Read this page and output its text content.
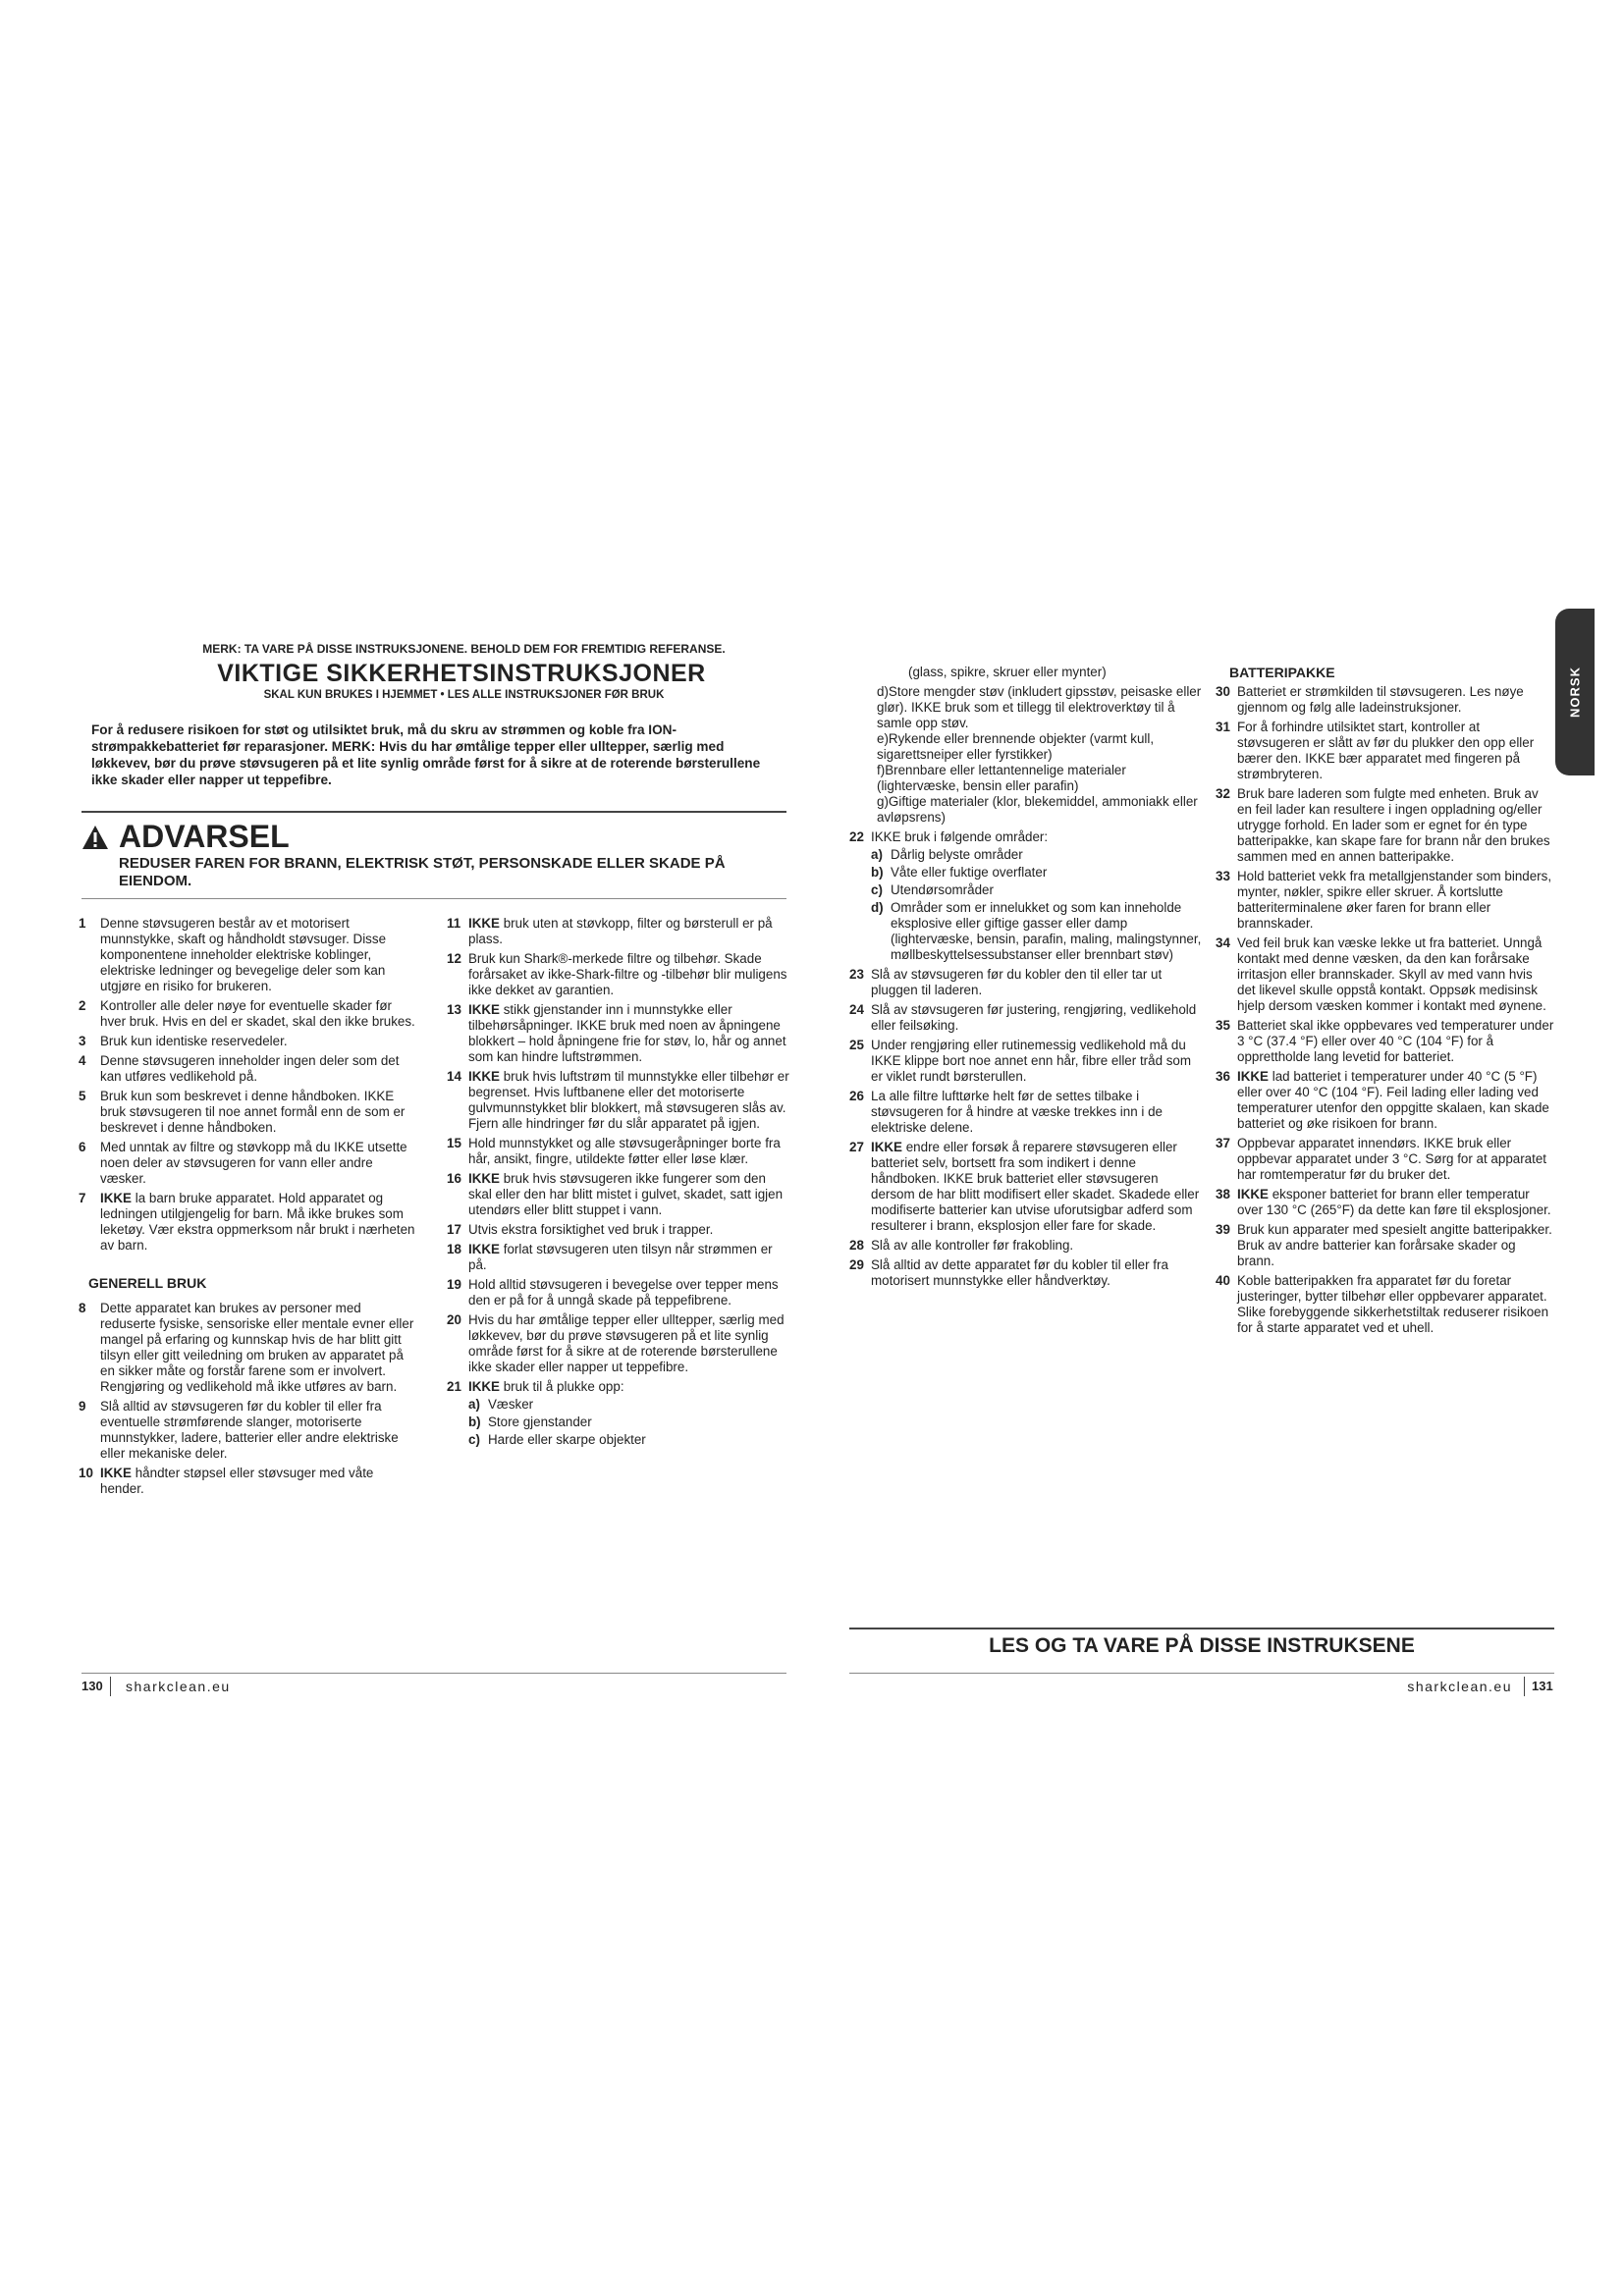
MERK: TA VARE PÅ DISSE INSTRUKSJONENE. BEHOLD DEM FOR FREMTIDIG REFERANSE.
VIKTIGE SIKKERHETSINSTRUKSJONER
SKAL KUN BRUKES I HJEMMET • LES ALLE INSTRUKSJONER FØR BRUK
For å redusere risikoen for støt og utilsiktet bruk, må du skru av strømmen og koble fra ION-strømpakkebatteriet før reparasjoner. MERK: Hvis du har ømtålige tepper eller ulltepper, særlig med løkkevev, bør du prøve støvsugeren på et lite synlig område først for å sikre at de roterende børsterullene ikke skader eller napper ut teppefibre.
ADVARSEL
REDUSER FAREN FOR BRANN, ELEKTRISK STØT, PERSONSKADE ELLER SKADE PÅ EIENDOM.
1 Denne støvsugeren består av et motorisert munnstykke, skaft og håndholdt støvsuger. Disse komponentene inneholder elektriske koblinger, elektriske ledninger og bevegelige deler som kan utgjøre en risiko for brukeren.
2 Kontroller alle deler nøye for eventuelle skader før hver bruk. Hvis en del er skadet, skal den ikke brukes.
3 Bruk kun identiske reservedeler.
4 Denne støvsugeren inneholder ingen deler som det kan utføres vedlikehold på.
5 Bruk kun som beskrevet i denne håndboken. IKKE bruk støvsugeren til noe annet formål enn de som er beskrevet i denne håndboken.
6 Med unntak av filtre og støvkopp må du IKKE utsette noen deler av støvsugeren for vann eller andre væsker.
7 IKKE la barn bruke apparatet. Hold apparatet og ledningen utilgjengelig for barn. Må ikke brukes som leketøy. Vær ekstra oppmerksom når brukt i nærheten av barn.
GENERELL BRUK
8 Dette apparatet kan brukes av personer med reduserte fysiske, sensoriske eller mentale evner eller mangel på erfaring og kunnskap hvis de har blitt gitt tilsyn eller gitt veiledning om bruken av apparatet på en sikker måte og forstår farene som er involvert. Rengjøring og vedlikehold må ikke utføres av barn.
9 Slå alltid av støvsugeren før du kobler til eller fra eventuelle strømførende slanger, motoriserte munnstykker, ladere, batterier eller andre elektriske eller mekaniske deler.
10 IKKE håndter støpsel eller støvsuger med våte hender.
11 IKKE bruk uten at støvkopp, filter og børsterull er på plass.
12 Bruk kun Shark®-merkede filtre og tilbehør. Skade forårsaket av ikke-Shark-filtre og -tilbehør blir muligens ikke dekket av garantien.
13 IKKE stikk gjenstander inn i munnstykke eller tilbehørsåpninger. IKKE bruk med noen av åpningene blokkert – hold åpningene frie for støv, lo, hår og annet som kan hindre luftstrømmen.
14 IKKE bruk hvis luftstrøm til munnstykke eller tilbehør er begrenset. Hvis luftbanene eller det motoriserte gulvmunnstykket blir blokkert, må støvsugeren slås av. Fjern alle hindringer før du slår apparatet på igjen.
15 Hold munnstykket og alle støvsugeråpninger borte fra hår, ansikt, fingre, utildekte føtter eller løse klær.
16 IKKE bruk hvis støvsugeren ikke fungerer som den skal eller den har blitt mistet i gulvet, skadet, satt igjen utendørs eller blitt stuppet i vann.
17 Utvis ekstra forsiktighet ved bruk i trapper.
18 IKKE forlat støvsugeren uten tilsyn når strømmen er på.
19 Hold alltid støvsugeren i bevegelse over tepper mens den er på for å unngå skade på teppefibrene.
20 Hvis du har ømtålige tepper eller ulltepper, særlig med løkkevev, bør du prøve støvsugeren på et lite synlig område først for å sikre at de roterende børsterullene ikke skader eller napper ut teppefibre.
21 IKKE bruk til å plukke opp:
a) Væsker
b) Store gjenstander
c) Harde eller skarpe objekter
130 sharkclean.eu
(glass, spikre, skruer eller mynter)
d)Store mengder støv (inkludert gipsstøv, peisaske eller glør). IKKE bruk som et tillegg til elektroverktøy til å samle opp støv.
e)Rykende eller brennende objekter (varmt kull, sigarettsneiper eller fyrstikker)
f)Brennbare eller lettantennelige materialer (lightervæske, bensin eller parafin)
g)Giftige materialer (klor, blekemiddel, ammoniakk eller avløpsrens)
22 IKKE bruk i følgende områder:
a) Dårlig belyste områder
b) Våte eller fuktige overflater
c) Utendørsområder
d) Områder som er innelukket og som kan inneholde eksplosive eller giftige gasser eller damp (lightervæske, bensin, parafin, maling, malingstynner, møllbeskyttelsessubstanser eller brennbart støv)
23 Slå av støvsugeren før du kobler den til eller tar ut pluggen til laderen.
24 Slå av støvsugeren før justering, rengjøring, vedlikehold eller feilsøking.
25 Under rengjøring eller rutinemessig vedlikehold må du IKKE klippe bort noe annet enn hår, fibre eller tråd som er viklet rundt børsterullen.
26 La alle filtre lufttørke helt før de settes tilbake i støvsugeren for å hindre at væske trekkes inn i de elektriske delene.
27 IKKE endre eller forsøk å reparere støvsugeren eller batteriet selv, bortsett fra som indikert i denne håndboken. IKKE bruk batteriet eller støvsugeren dersom de har blitt modifisert eller skadet. Skadede eller modifiserte batterier kan utvise uforutsigbar adferd som resulterer i brann, eksplosjon eller fare for skade.
28 Slå av alle kontroller før frakobling.
29 Slå alltid av dette apparatet før du kobler til eller fra motorisert munnstykke eller håndverktøy.
BATTERIPAKKE
30 Batteriet er strømkilden til støvsugeren. Les nøye gjennom og følg alle ladeinstruksjoner.
31 For å forhindre utilsiktet start, kontroller at støvsugeren er slått av før du plukker den opp eller bærer den. IKKE bær apparatet med fingeren på strømbryteren.
32 Bruk bare laderen som fulgte med enheten. Bruk av en feil lader kan resultere i ingen oppladning og/eller utrygge forhold. En lader som er egnet for én type batteripakke, kan skape fare for brann når den brukes sammen med en annen batteripakke.
33 Hold batteriet vekk fra metallgjenstander som binders, mynter, nøkler, spikre eller skruer. Å kortslutte batteriterminalene øker faren for brann eller brannskader.
34 Ved feil bruk kan væske lekke ut fra batteriet. Unngå kontakt med denne væsken, da den kan forårsake irritasjon eller brannskader. Skyll av med vann hvis det likevel skulle oppstå kontakt. Oppsøk medisinsk hjelp dersom væsken kommer i kontakt med øynene.
35 Batteriet skal ikke oppbevares ved temperaturer under 3 °C (37.4 °F) eller over 40 °C (104 °F) for å opprettholde lang levetid for batteriet.
36 IKKE lad batteriet i temperaturer under 40 °C (5 °F) eller over 40 °C (104 °F). Feil lading eller lading ved temperaturer utenfor den oppgitte skalaen, kan skade batteriet og øke risikoen for brann.
37 Oppbevar apparatet innendørs. IKKE bruk eller oppbevar apparatet under 3 °C. Sørg for at apparatet har romtemperatur før du bruker det.
38 IKKE eksponer batteriet for brann eller temperatur over 130 °C (265°F) da dette kan føre til eksplosjoner.
39 Bruk kun apparater med spesielt angitte batteripakker. Bruk av andre batterier kan forårsake skader og brann.
40 Koble batteripakken fra apparatet før du foretar justeringer, bytter tilbehør eller oppbevarer apparatet. Slike forebyggende sikkerhetstiltak reduserer risikoen for å starte apparatet ved et uhell.
NORSK
LES OG TA VARE PÅ DISSE INSTRUKSENE
sharkclean.eu 131
